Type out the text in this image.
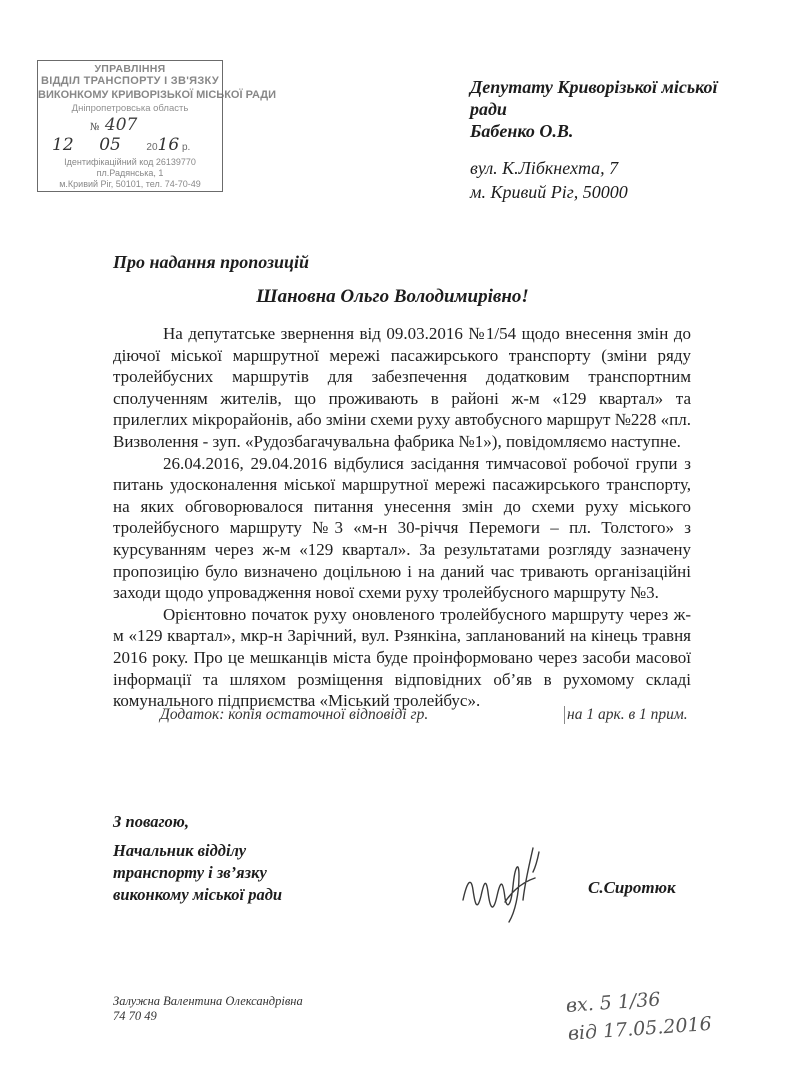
УПРАВЛІННЯ
ВІДДІЛ ТРАНСПОРТУ І ЗВ'ЯЗКУ
ВИКОНКОМУ КРИВОРІЗЬКОЇ МІСЬКОЇ РАДИ
Дніпропетровська область
№ 407
12    05   	2016 р.
Ідентифікаційний код 26139770
пл.Радянська, 1
м.Кривий Ріг, 50101, тел. 74-70-49
Депутату Криворізької міської
ради
Бабенко О.В.
вул. К.Лібкнехта, 7
м. Кривий Ріг, 50000
Про надання пропозицій
Шановна Ольго Володимирівно!

На депутатське звернення від 09.03.2016 №1/54 щодо внесення змін до діючої міської маршрутної мережі пасажирського транспорту (зміни ряду тролейбусних маршрутів для забезпечення додатковим транспортним сполученням жителів, що проживають в районі ж-м «129 квартал» та прилеглих мікрорайонів, або зміни схеми руху автобусного маршрут №228 «пл. Визволення - зуп. «Рудозбагачувальна фабрика №1»), повідомляємо наступне.

26.04.2016, 29.04.2016 відбулися засідання тимчасової робочої групи з питань удосконалення міської маршрутної мережі пасажирського транспорту, на яких обговорювалося питання унесення змін до схеми руху міського тролейбусного маршруту №3 «м-н 30-річчя Перемоги – пл. Толстого» з курсуванням через ж-м «129 квартал». За результатами розгляду зазначену пропозицію було визначено доцільною і на даний час тривають організаційні заходи щодо упровадження нової схеми руху тролейбусного маршруту №3.

Орієнтовно початок руху оновленого тролейбусного маршруту через ж-м «129 квартал», мкр-н Зарічний, вул. Рзянкіна, запланований на кінець травня 2016 року. Про це мешканців міста буде проінформовано через засоби масової інформації та шляхом розміщення відповідних об’яв в рухомому складі комунального підприємства «Міський тролейбус».

Додаток: копія остаточної відповіді гр.	на 1 арк. в 1 прим.
З повагою,
Начальник відділу
транспорту і зв’язку
виконкому міської ради	С.Сиротюк
Залужна Валентина Олександрівна
74 70 49	вх. 5 1/36
від 17.05.2016
